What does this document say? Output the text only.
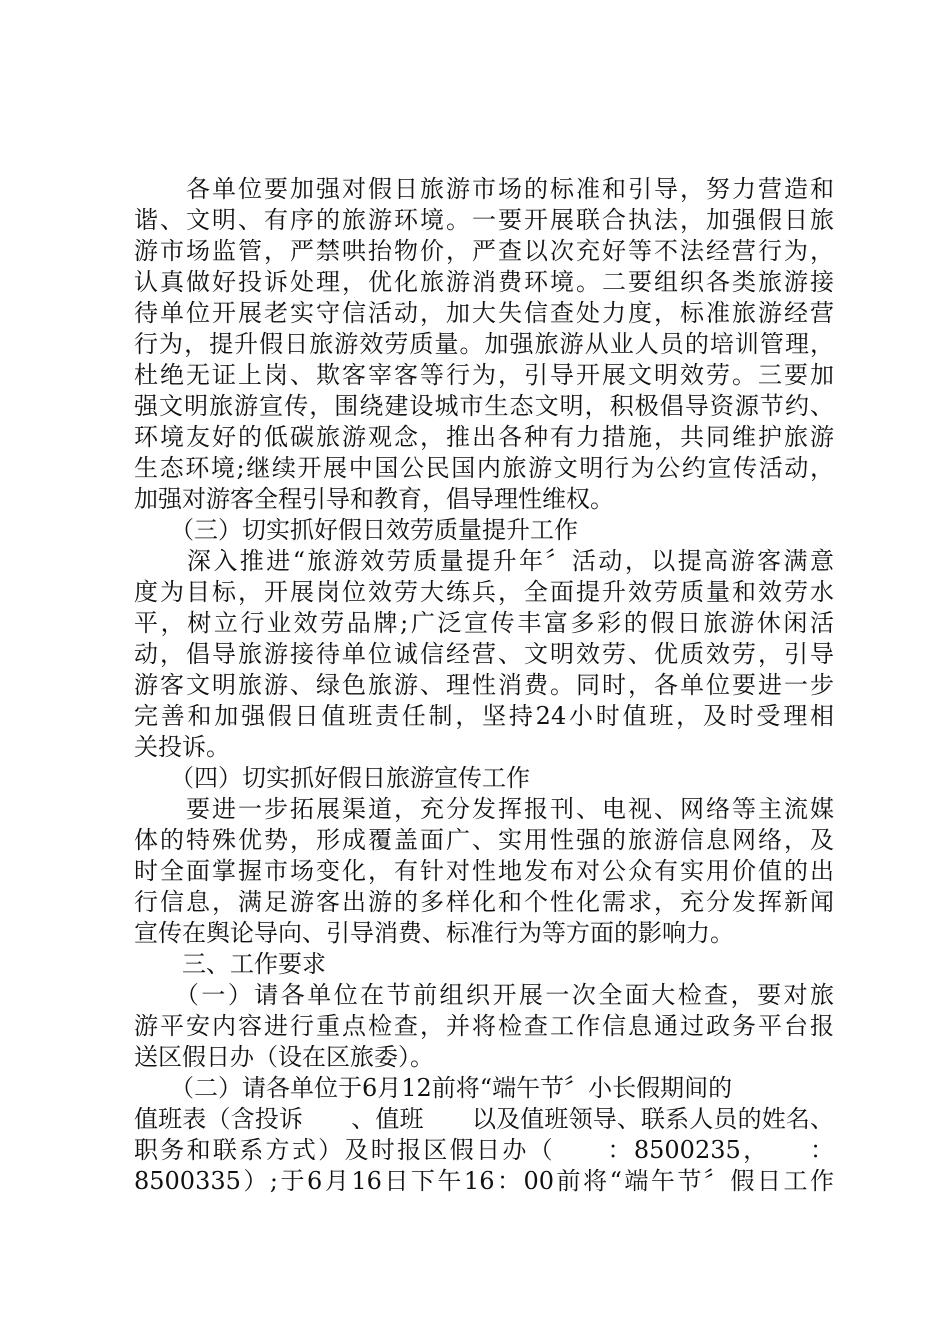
　　各单位要加强对假日旅游市场的标准和引导，努力营造和
谐、文明、有序的旅游环境。一要开展联合执法，加强假日旅
游市场监管，严禁哄抬物价，严查以次充好等不法经营行为，
认真做好投诉处理，优化旅游消费环境。二要组织各类旅游接
待单位开展老实守信活动，加大失信查处力度，标准旅游经营
行为，提升假日旅游效劳质量。加强旅游从业人员的培训管理，
杜绝无证上岗、欺客宰客等行为，引导开展文明效劳。三要加
强文明旅游宣传，围绕建设城市生态文明，积极倡导资源节约、
环境友好的低碳旅游观念，推出各种有力措施，共同维护旅游
生态环境;继续开展中国公民国内旅游文明行为公约宣传活动，
加强对游客全程引导和教育，倡导理性维权。
　　（三）切实抓好假日效劳质量提升工作
　　深入推进“旅游效劳质量提升年〞活动，以提高游客满意
度为目标，开展岗位效劳大练兵，全面提升效劳质量和效劳水
平，树立行业效劳品牌;广泛宣传丰富多彩的假日旅游休闲活
动，倡导旅游接待单位诚信经营、文明效劳、优质效劳，引导
游客文明旅游、绿色旅游、理性消费。同时，各单位要进一步
完善和加强假日值班责任制，坚持24小时值班，及时受理相
关投诉。
　　（四）切实抓好假日旅游宣传工作
　　要进一步拓展渠道，充分发挥报刊、电视、网络等主流媒
体的特殊优势，形成覆盖面广、实用性强的旅游信息网络，及
时全面掌握市场变化，有针对性地发布对公众有实用价值的出
行信息，满足游客出游的多样化和个性化需求，充分发挥新闻
宣传在舆论导向、引导消费、标准行为等方面的影响力。
　　三、工作要求
　　（一）请各单位在节前组织开展一次全面大检查，要对旅
游平安内容进行重点检查，并将检查工作信息通过政务平台报
送区假日办（设在区旅委）。
　　（二）请各单位于6月12前将“端午节〞小长假期间的
值班表（含投诉　　、值班　　以及值班领导、联系人员的姓名、
职务和联系方式）及时报区假日办（　　：8500235，　　：
8500335）;于6月16日下午16：00前将“端午节〞假日工作
